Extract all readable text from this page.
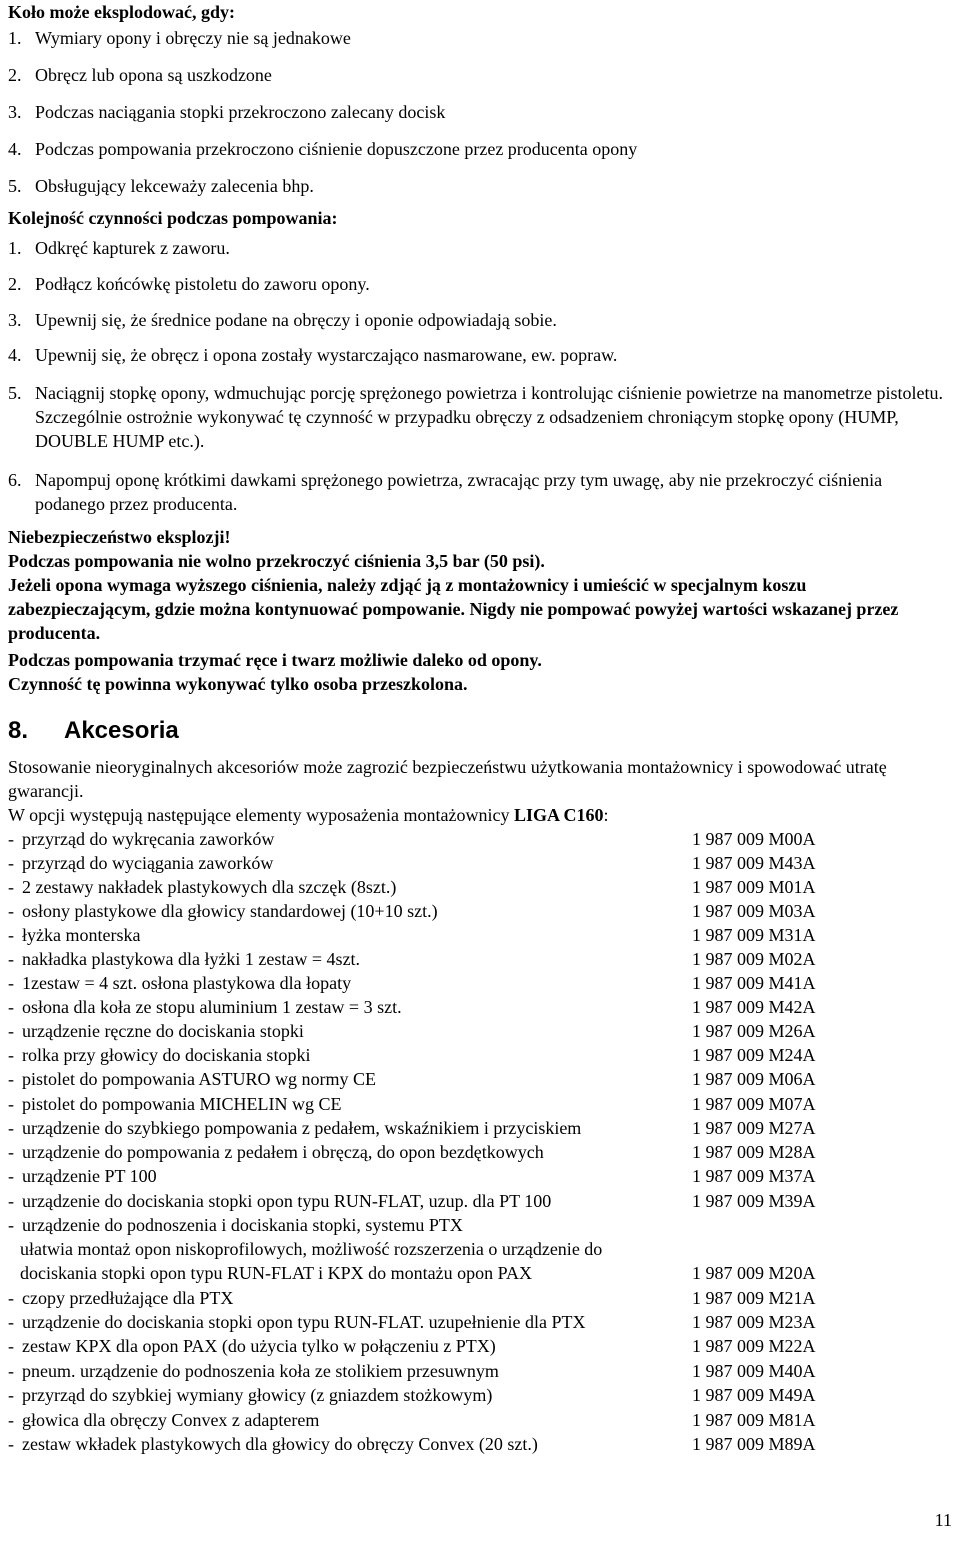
Koło może eksplodować, gdy:
1. Wymiary opony i obręczy nie są jednakowe
2. Obręcz lub opona są uszkodzone
3. Podczas naciągania stopki przekroczono zalecany docisk
4. Podczas pompowania przekroczono ciśnienie dopuszczone przez producenta opony
5. Obsługujący lekceważy zalecenia bhp.
Kolejność czynności podczas pompowania:
1. Odkręć kapturek z zaworu.
2. Podłącz końcówkę pistoletu do zaworu opony.
3. Upewnij się, że średnice podane na obręczy i oponie odpowiadają sobie.
4. Upewnij się, że obręcz i opona zostały wystarczająco nasmarowane, ew. popraw.
5. Naciągnij stopkę opony, wdmuchując porcję sprężonego powietrza i kontrolując ciśnienie powietrze na manometrze pistoletu. Szczególnie ostrożnie wykonywać tę czynność w przypadku obręczy z odsadzeniem chroniącym stopkę opony (HUMP, DOUBLE HUMP etc.).
6. Napompuj oponę krótkimi dawkami sprężonego powietrza, zwracając przy tym uwagę, aby nie przekroczyć ciśnienia podanego przez producenta.
Niebezpieczeństwo eksplozji!
Podczas pompowania nie wolno przekroczyć ciśnienia 3,5 bar (50 psi).
Jeżeli opona wymaga wyższego ciśnienia, należy zdjąć ją z montażownicy i umieścić w specjalnym koszu zabezpieczającym, gdzie można kontynuować pompowanie. Nigdy nie pompować powyżej wartości wskazanej przez producenta.
Podczas pompowania trzymać ręce i twarz możliwie daleko od opony.
Czynność tę powinna wykonywać tylko osoba przeszkolona.
8. Akcesoria
Stosowanie nieoryginalnych akcesoriów może zagrozić bezpieczeństwu użytkowania montażownicy i spowodować utratę gwarancji.
W opcji występują następujące elementy wyposażenia montażownicy LIGA C160:
- przyrząd do wykręcania zaworków	1 987 009 M00A
- przyrząd do wyciągania zaworków	1 987 009 M43A
- 2 zestawy nakładek plastykowych dla szczęk (8szt.)	1 987 009 M01A
- osłony plastykowe dla głowicy standardowej (10+10 szt.)	1 987 009 M03A
- łyżka monterska	1 987 009 M31A
- nakładka plastykowa dla łyżki 1 zestaw = 4szt.	1 987 009 M02A
- 1zestaw = 4 szt. osłona plastykowa dla łopaty	1 987 009 M41A
- osłona dla koła ze stopu aluminium 1 zestaw = 3 szt.	1 987 009 M42A
- urządzenie ręczne do dociskania stopki	1 987 009 M26A
- rolka przy głowicy do dociskania stopki	1 987 009 M24A
- pistolet do pompowania ASTURO wg normy CE	1 987 009 M06A
- pistolet do pompowania MICHELIN wg CE	1 987 009 M07A
- urządzenie do szybkiego pompowania z pedałem, wskaźnikiem i przyciskiem	1 987 009 M27A
- urządzenie do pompowania z pedałem i obręczą, do opon bezdętkowych	1 987 009 M28A
- urządzenie PT 100	1 987 009 M37A
- urządzenie do dociskania stopki opon typu RUN-FLAT, uzup. dla PT 100	1 987 009 M39A
- urządzenie do podnoszenia i dociskania stopki, systemu PTX
ułatwia montaż opon niskoprofilowych, możliwość rozszerzenia o urządzenie do
dociskania stopki opon typu RUN-FLAT i KPX do montażu opon PAX	1 987 009 M20A
- czopy przedłużające dla PTX	1 987 009 M21A
- urządzenie do dociskania stopki opon typu RUN-FLAT. uzupełnienie dla PTX	1 987 009 M23A
- zestaw KPX dla opon PAX (do użycia tylko w połączeniu z PTX)	1 987 009 M22A
- pneum. urządzenie do podnoszenia koła ze stolikiem przesuwnym	1 987 009 M40A
- przyrząd do szybkiej wymiany głowicy (z gniazdem stożkowym)	1 987 009 M49A
- głowica dla obręczy Convex z adapterem	1 987 009 M81A
- zestaw wkładek plastykowych dla głowicy do obręczy Convex (20 szt.)	1 987 009 M89A
11
